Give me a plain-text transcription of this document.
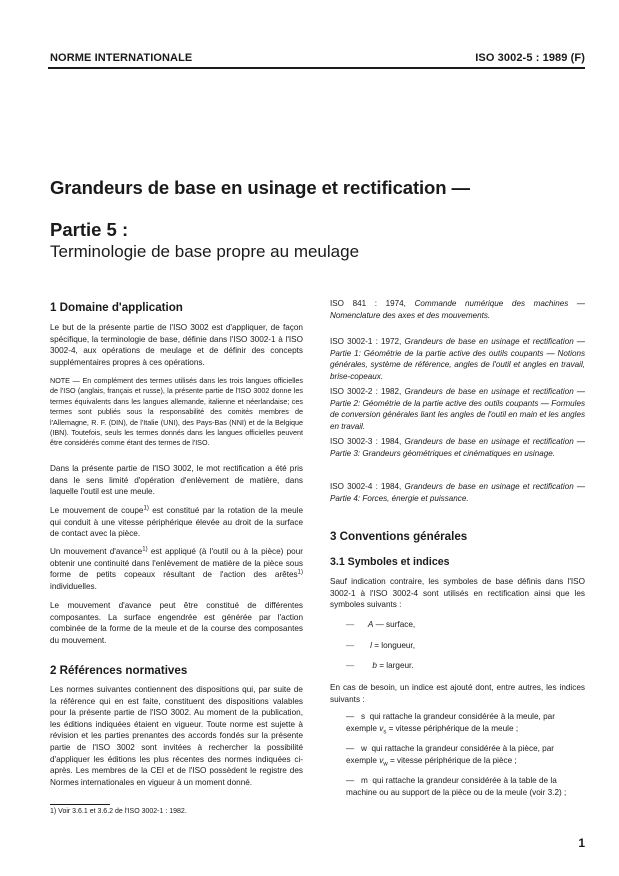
NORME INTERNATIONALE	ISO 3002-5 : 1989 (F)
Grandeurs de base en usinage et rectification —
Partie 5 :
Terminologie de base propre au meulage
1 Domaine d'application
Le but de la présente partie de l'ISO 3002 est d'appliquer, de façon spécifique, la terminologie de base, définie dans l'ISO 3002-1 à l'ISO 3002-4, aux opérations de meulage et de définir des concepts supplémentaires propres à ces opérations.
NOTE — En complément des termes utilisés dans les trois langues officielles de l'ISO (anglais, français et russe), la présente partie de l'ISO 3002 donne les termes équivalents dans les langues allemande, italienne et néerlandaise; ces termes sont publiés sous la responsabilité des comités membres de l'Allemagne, R. F. (DIN), de l'Italie (UNI), des Pays-Bas (NNI) et de la Belgique (IBN). Toutefois, seuls les termes donnés dans les langues officielles peuvent être considérés comme étant des termes de l'ISO.
Dans la présente partie de l'ISO 3002, le mot rectification a été pris dans le sens limité d'opération d'enlèvement de matière, dans laquelle l'outil est une meule.
Le mouvement de coupe$^{1)}$ est constitué par la rotation de la meule qui conduit à une vitesse périphérique élevée au droit de la surface de contact avec la pièce.
Un mouvement d'avance$^{1)}$ est appliqué (à l'outil ou à la pièce) pour obtenir une continuité dans l'enlèvement de matière de la pièce sous forme de petits copeaux résultant de l'action des arêtes$^{1)}$ individuelles.
Le mouvement d'avance peut être constitué de différentes composantes. La surface engendrée est générée par l'action combinée de la forme de la meule et de la course des composantes du mouvement.
2 Références normatives
Les normes suivantes contiennent des dispositions qui, par suite de la référence qui en est faite, constituent des dispositions valables pour la présente partie de l'ISO 3002. Au moment de la publication, les éditions indiquées étaient en vigueur. Toute norme est sujette à révision et les parties prenantes des accords fondés sur la présente partie de l'ISO 3002 sont invitées à rechercher la possibilité d'appliquer les éditions les plus récentes des normes indiquées ci-après. Les membres de la CEI et de l'ISO possèdent le registre des Normes internationales en vigueur à un moment donné.
1) Voir 3.6.1 et 3.6.2 de l'ISO 3002-1 : 1982.
ISO 841 : 1974, Commande numérique des machines — Nomenclature des axes et des mouvements.
ISO 3002-1 : 1972, Grandeurs de base en usinage et rectification — Partie 1: Géométrie de la partie active des outils coupants — Notions générales, système de référence, angles de l'outil et angles en travail, brise-copeaux.
ISO 3002-2 : 1982, Grandeurs de base en usinage et rectification — Partie 2: Géométrie de la partie active des outils coupants — Formules de conversion générales liant les angles de l'outil en main et les angles en travail.
ISO 3002-3 : 1984, Grandeurs de base en usinage et rectification — Partie 3: Grandeurs géométriques et cinématiques en usinage.
ISO 3002-4 : 1984, Grandeurs de base en usinage et rectification — Partie 4: Forces, énergie et puissance.
3 Conventions générales
3.1 Symboles et indices
Sauf indication contraire, les symboles de base définis dans l'ISO 3002-1 à l'ISO 3002-4 sont utilisés en rectification ainsi que les symboles suivants :
— A — surface,
— l = longueur,
— b = largeur.
En cas de besoin, un indice est ajouté dont, entre autres, les indices suivants :
— s qui rattache la grandeur considérée à la meule, par
exemple $v_s$ = vitesse périphérique de la meule ;
— w qui rattache la grandeur considérée à la pièce, par
exemple $v_w$ = vitesse périphérique de la pièce ;
— m qui rattache la grandeur considérée à la table de la
machine ou au support de la pièce ou de la meule (voir 3.2) ;
1
